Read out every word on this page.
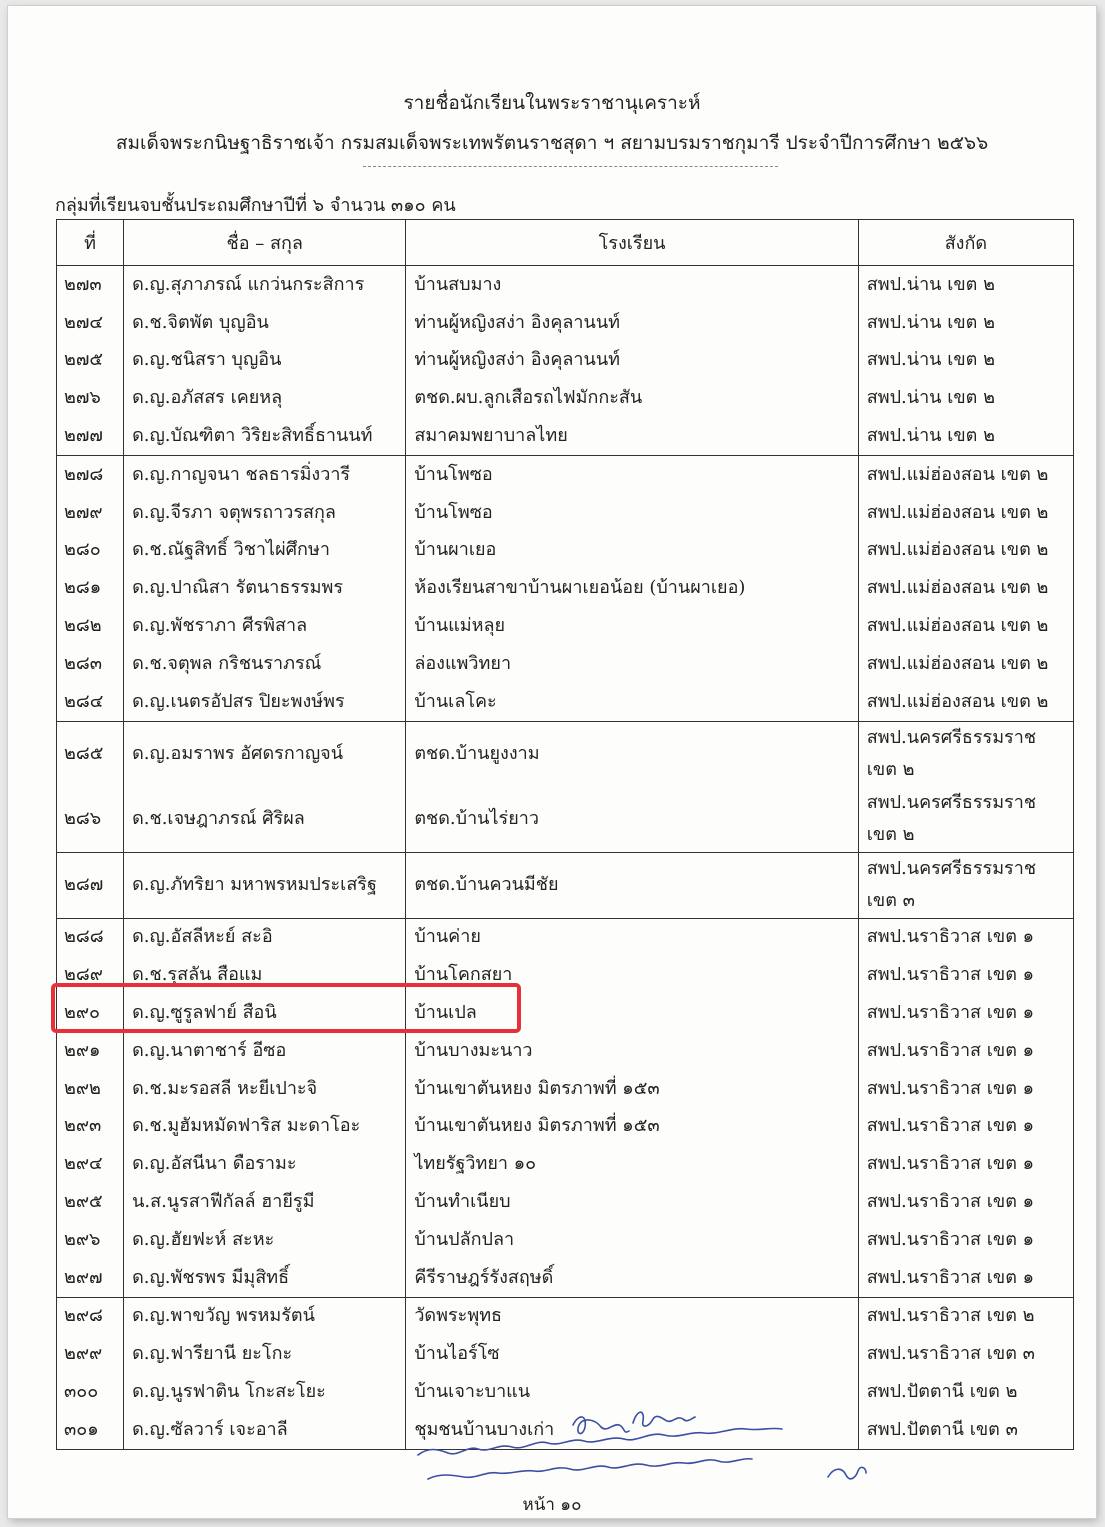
รายชื่อนักเรียนในพระราชานุเคราะห์
สมเด็จพระกนิษฐาธิราชเจ้า กรมสมเด็จพระเทพรัตนราชสุดา ฯ สยามบรมราชกุมารี ประจำปีการศึกษา ๒๕๖๖
กลุ่มที่เรียนจบชั้นประถมศึกษาปีที่ ๖ จำนวน ๓๑๐ คน
ที่	ชื่อ – สกุล	โรงเรียน	สังกัด
๒๗๓	ด.ญ.สุภาภรณ์ แกว่นกระสิการ	บ้านสบมาง	สพป.น่าน เขต ๒
๒๗๔	ด.ช.จิตพัต บุญอิน	ท่านผู้หญิงสง่า อิงคุลานนท์	สพป.น่าน เขต ๒
๒๗๕	ด.ญ.ชนิสรา บุญอิน	ท่านผู้หญิงสง่า อิงคุลานนท์	สพป.น่าน เขต ๒
๒๗๖	ด.ญ.อภัสสร เคยหลุ	ตชด.ผบ.ลูกเสือรถไฟมักกะสัน	สพป.น่าน เขต ๒
๒๗๗	ด.ญ.บัณฑิตา วิริยะสิทธิ์ธานนท์	สมาคมพยาบาลไทย	สพป.น่าน เขต ๒
๒๗๘	ด.ญ.กาญจนา ชลธารมิ่งวารี	บ้านโพซอ	สพป.แม่ฮ่องสอน เขต ๒
๒๗๙	ด.ญ.จีรภา จตุพรถาวรสกุล	บ้านโพซอ	สพป.แม่ฮ่องสอน เขต ๒
๒๘๐	ด.ช.ณัฐสิทธิ์ วิชาไผ่ศึกษา	บ้านผาเยอ	สพป.แม่ฮ่องสอน เขต ๒
๒๘๑	ด.ญ.ปาณิสา รัตนาธรรมพร	ห้องเรียนสาขาบ้านผาเยอน้อย (บ้านผาเยอ)	สพป.แม่ฮ่องสอน เขต ๒
๒๘๒	ด.ญ.พัชราภา ศีรพิสาล	บ้านแม่หลุย	สพป.แม่ฮ่องสอน เขต ๒
๒๘๓	ด.ช.จตุพล กริชนราภรณ์	ล่องแพวิทยา	สพป.แม่ฮ่องสอน เขต ๒
๒๘๔	ด.ญ.เนตรอัปสร ปิยะพงษ์พร	บ้านเลโคะ	สพป.แม่ฮ่องสอน เขต ๒
๒๘๕	ด.ญ.อมราพร อัศดรกาญจน์	ตชด.บ้านยูงงาม	สพป.นครศรีธรรมราช เขต ๒
๒๘๖	ด.ช.เจษฎาภรณ์ ศิริผล	ตชด.บ้านไร่ยาว	สพป.นครศรีธรรมราช เขต ๒
๒๘๗	ด.ญ.ภัทริยา มหาพรหมประเสริฐ	ตชด.บ้านควนมีชัย	สพป.นครศรีธรรมราช เขต ๓
๒๘๘	ด.ญ.อัสลีหะย์ สะอิ	บ้านค่าย	สพป.นราธิวาส เขต ๑
๒๘๙	ด.ช.รุสลัน สือแม	บ้านโคกสยา	สพป.นราธิวาส เขต ๑
๒๙๐	ด.ญ.ซูรูลฟาย์ สือนิ	บ้านเปล	สพป.นราธิวาส เขต ๑
๒๙๑	ด.ญ.นาตาชาร์ อีซอ	บ้านบางมะนาว	สพป.นราธิวาส เขต ๑
๒๙๒	ด.ช.มะรอสลี หะยีเปาะจิ	บ้านเขาตันหยง มิตรภาพที่ ๑๕๓	สพป.นราธิวาส เขต ๑
๒๙๓	ด.ช.มูฮัมหมัดฟาริส มะดาโอะ	บ้านเขาตันหยง มิตรภาพที่ ๑๕๓	สพป.นราธิวาส เขต ๑
๒๙๔	ด.ญ.อัสนีนา ดือรามะ	ไทยรัฐวิทยา ๑๐	สพป.นราธิวาส เขต ๑
๒๙๕	น.ส.นูรสาฟีกัลล์ ฮายีรูมี	บ้านทำเนียบ	สพป.นราธิวาส เขต ๑
๒๙๖	ด.ญ.ฮัยฟะห์ สะหะ	บ้านปลักปลา	สพป.นราธิวาส เขต ๑
๒๙๗	ด.ญ.พัชรพร มีมุสิทธิ์	คีรีราษฎร์รังสฤษดิ์	สพป.นราธิวาส เขต ๑
๒๙๘	ด.ญ.พาขวัญ พรหมรัตน์	วัดพระพุทธ	สพป.นราธิวาส เขต ๒
๒๙๙	ด.ญ.ฟารียานี ยะโกะ	บ้านไอร์โซ	สพป.นราธิวาส เขต ๓
๓๐๐	ด.ญ.นูรฟาติน โกะสะโยะ	บ้านเจาะบาแน	สพป.ปัตตานี เขต ๒
๓๐๑	ด.ญ.ซัลวาร์ เจะอาลี	ชุมชนบ้านบางเก่า	สพป.ปัตตานี เขต ๓
หน้า ๑๐
